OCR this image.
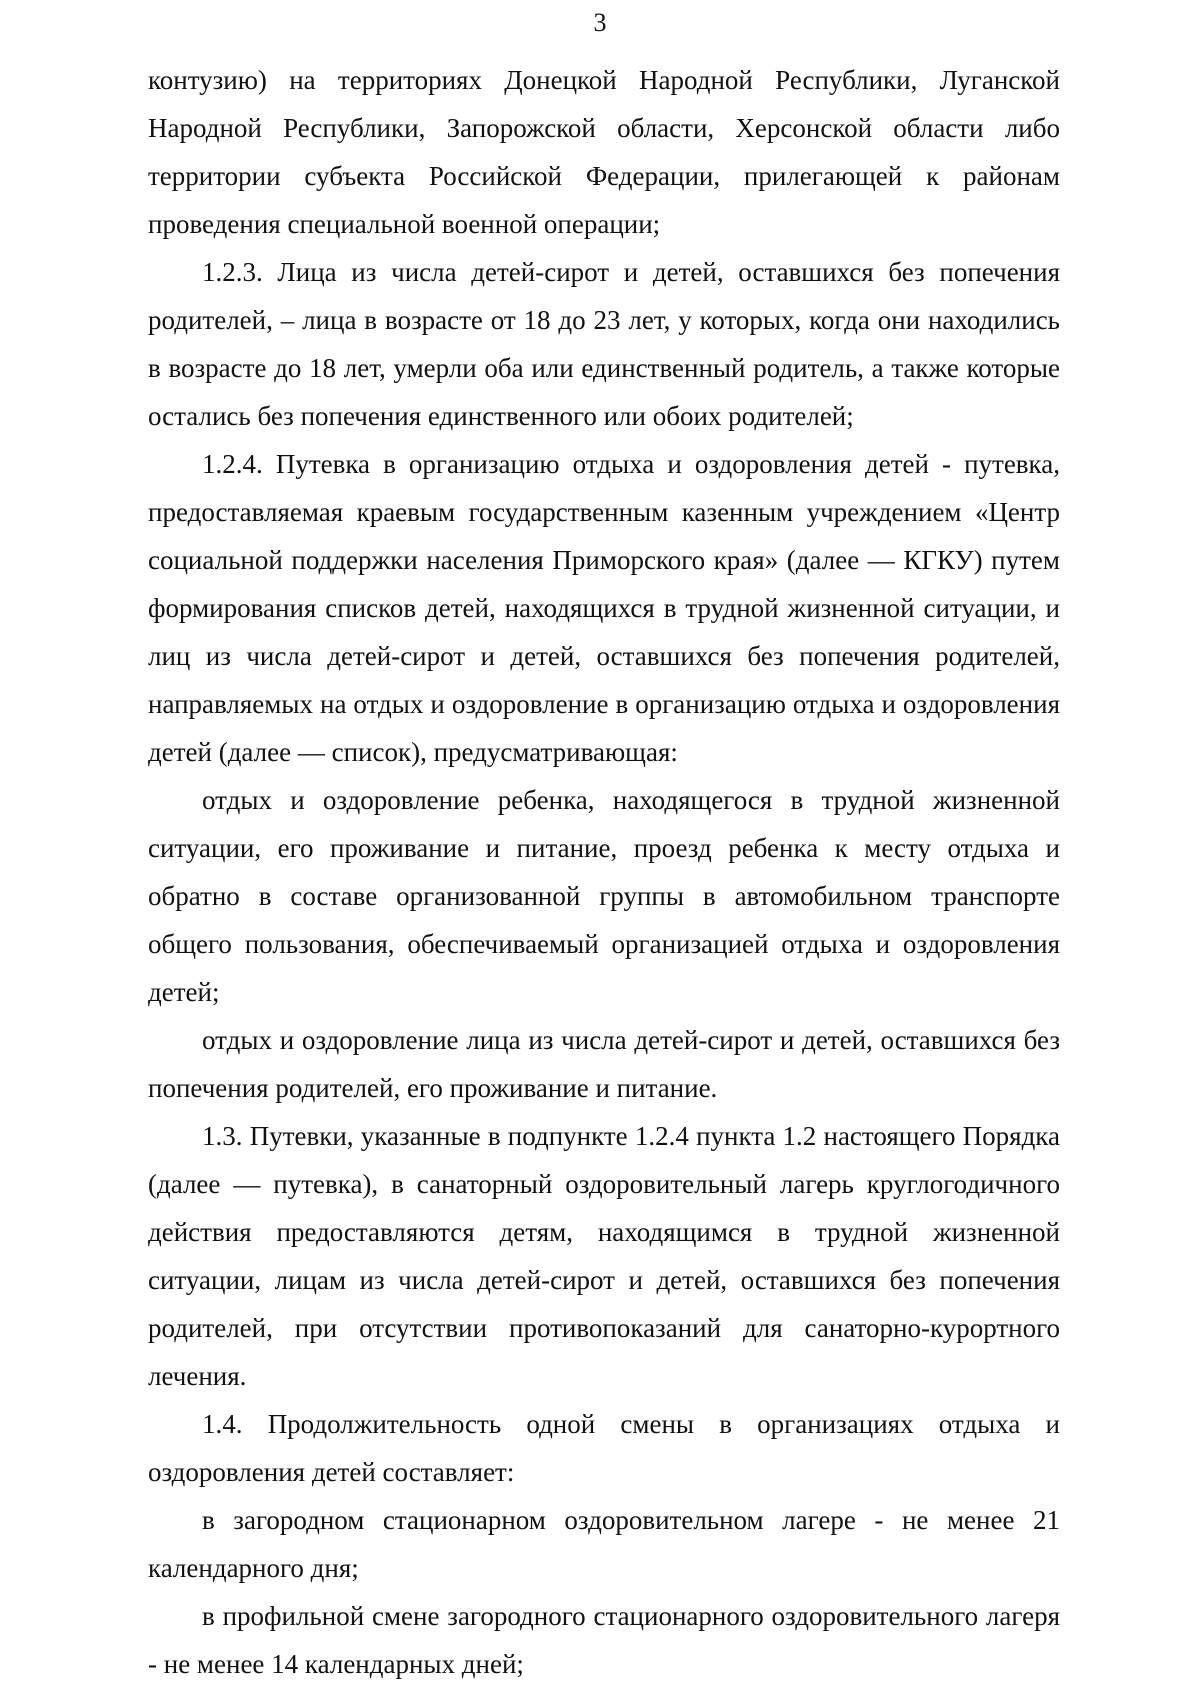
3

контузию) на территориях Донецкой Народной Республики, Луганской Народной Республики, Запорожской области, Херсонской области либо территории субъекта Российской Федерации, прилегающей к районам проведения специальной военной операции;

1.2.3. Лица из числа детей-сирот и детей, оставшихся без попечения родителей, – лица в возрасте от 18 до 23 лет, у которых, когда они находились в возрасте до 18 лет, умерли оба или единственный родитель, а также которые остались без попечения единственного или обоих родителей;

1.2.4. Путевка в организацию отдыха и оздоровления детей - путевка, предоставляемая краевым государственным казенным учреждением «Центр социальной поддержки населения Приморского края» (далее — КГКУ) путем формирования списков детей, находящихся в трудной жизненной ситуации, и лиц из числа детей-сирот и детей, оставшихся без попечения родителей, направляемых на отдых и оздоровление в организацию отдыха и оздоровления детей (далее — список), предусматривающая:

отдых и оздоровление ребенка, находящегося в трудной жизненной ситуации, его проживание и питание, проезд ребенка к месту отдыха и обратно в составе организованной группы в автомобильном транспорте общего пользования, обеспечиваемый организацией отдыха и оздоровления детей;

отдых и оздоровление лица из числа детей-сирот и детей, оставшихся без попечения родителей, его проживание и питание.

1.3. Путевки, указанные в подпункте 1.2.4 пункта 1.2 настоящего Порядка (далее — путевка), в санаторный оздоровительный лагерь круглогодичного действия предоставляются детям, находящимся в трудной жизненной ситуации, лицам из числа детей-сирот и детей, оставшихся без попечения родителей, при отсутствии противопоказаний для санаторно-курортного лечения.

1.4. Продолжительность одной смены в организациях отдыха и оздоровления детей составляет:

в загородном стационарном оздоровительном лагере - не менее 21 календарного дня;

в профильной смене загородного стационарного оздоровительного лагеря - не менее 14 календарных дней;
